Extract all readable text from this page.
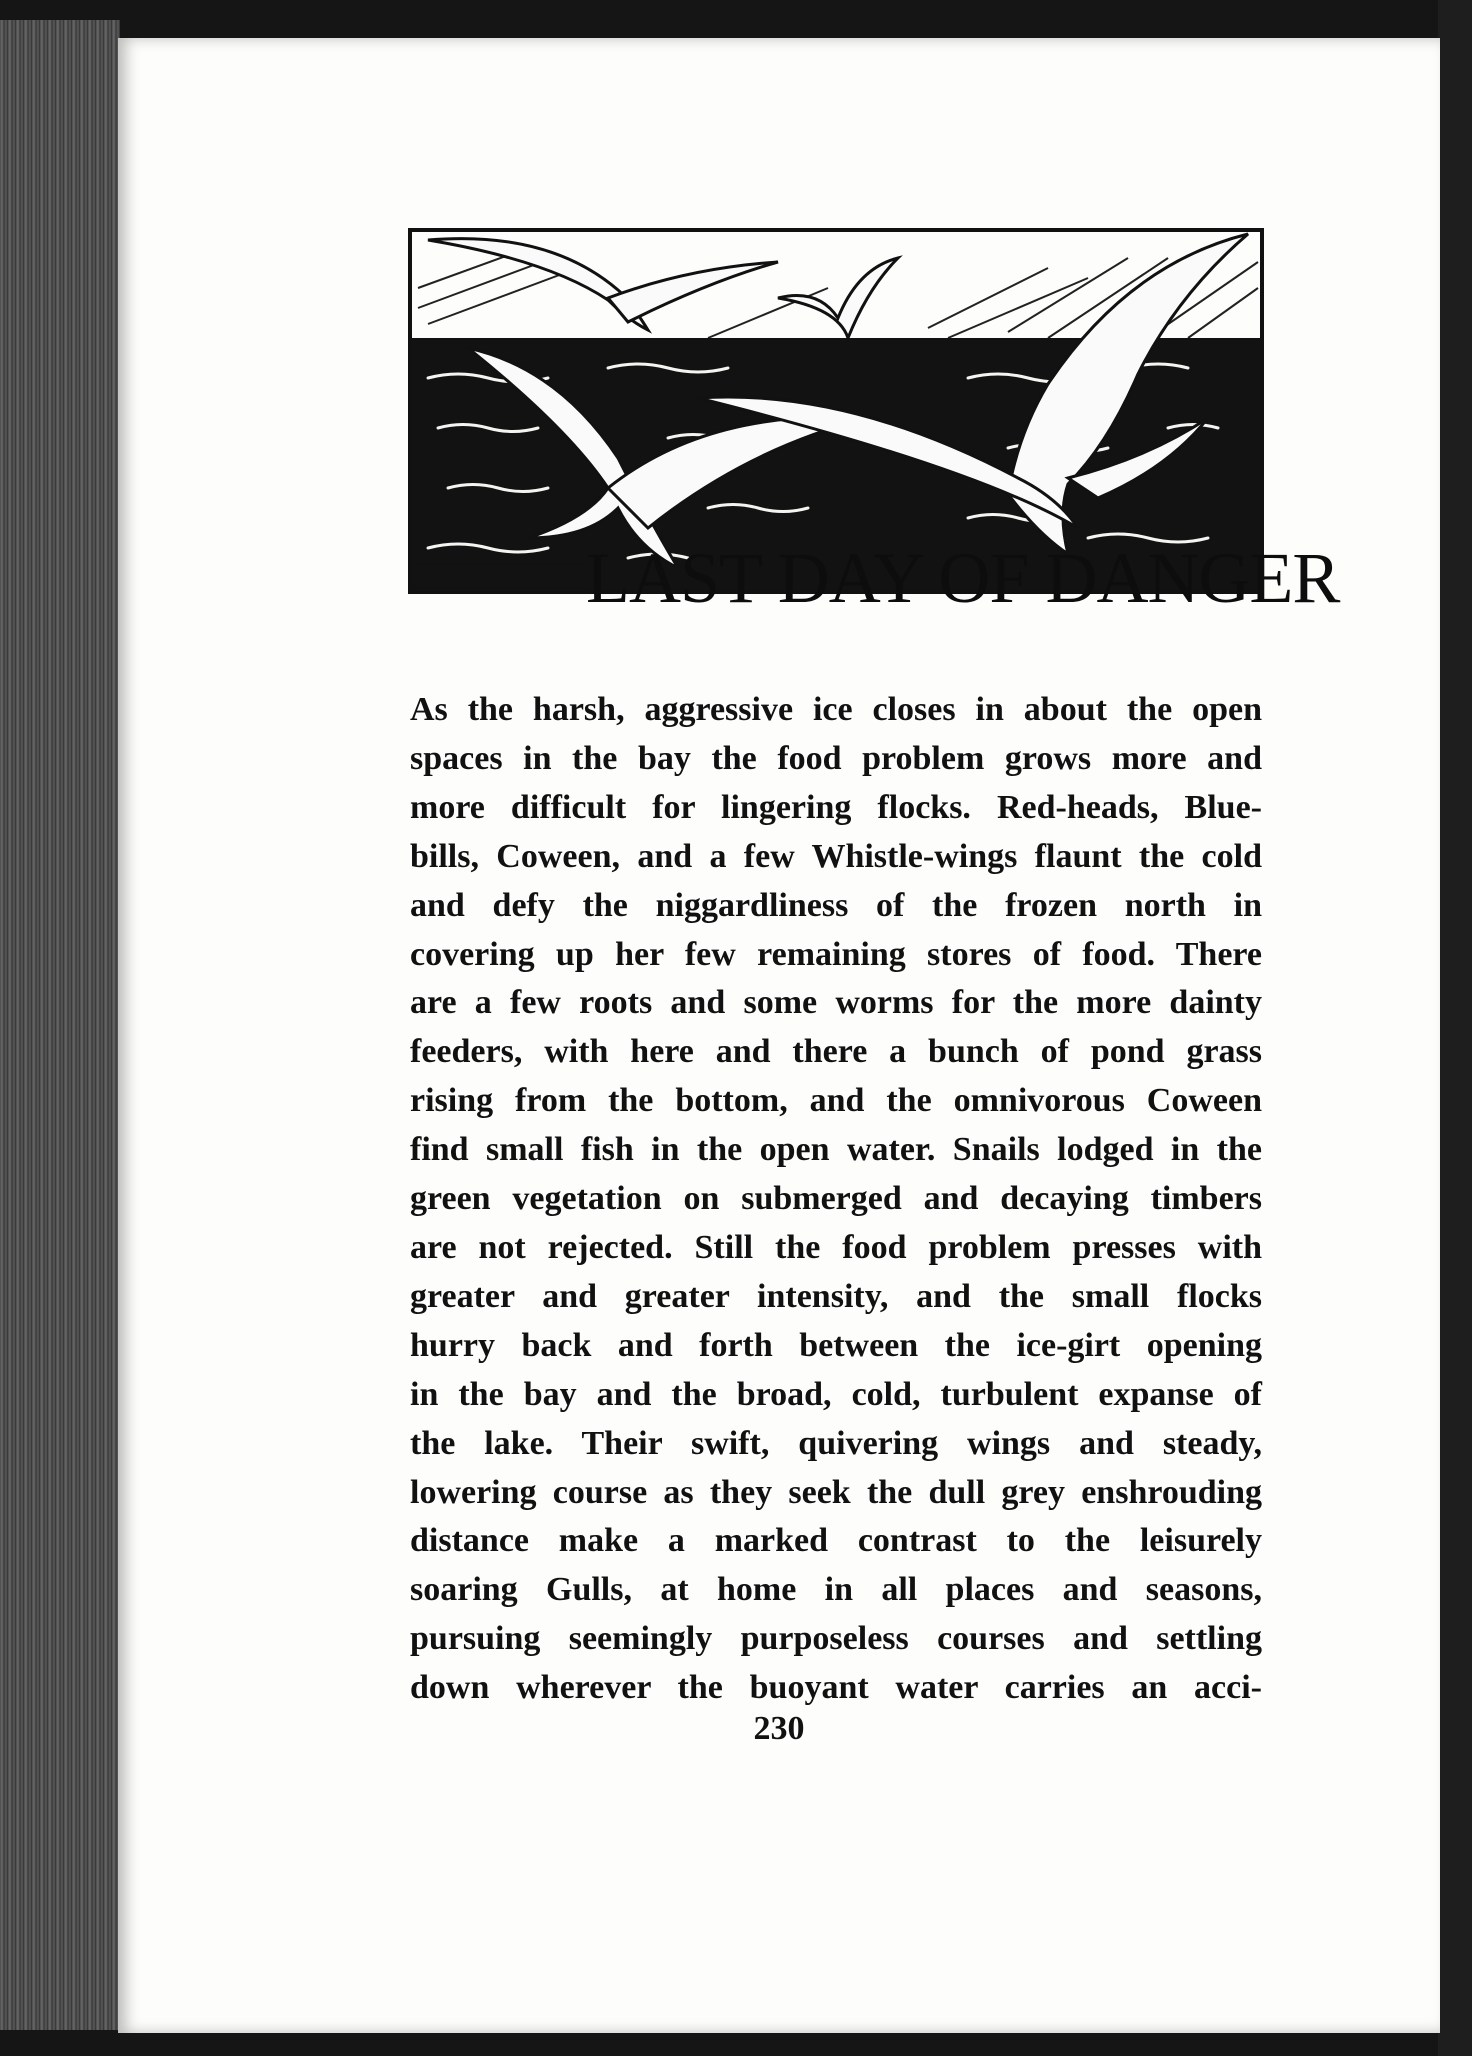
LAST DAY OF DANGER
As the harsh, aggressive ice closes in about the open
spaces in the bay the food problem grows more and
more difficult for lingering flocks. Red-heads, Blue-
bills, Coween, and a few Whistle-wings flaunt the cold
and defy the niggardliness of the frozen north in
covering up her few remaining stores of food. There
are a few roots and some worms for the more dainty
feeders, with here and there a bunch of pond grass
rising from the bottom, and the omnivorous Coween
find small fish in the open water. Snails lodged in the
green vegetation on submerged and decaying timbers
are not rejected. Still the food problem presses with
greater and greater intensity, and the small flocks
hurry back and forth between the ice-girt opening
in the bay and the broad, cold, turbulent expanse of
the lake. Their swift, quivering wings and steady,
lowering course as they seek the dull grey enshrouding
distance make a marked contrast to the leisurely
soaring Gulls, at home in all places and seasons,
pursuing seemingly purposeless courses and settling
down wherever the buoyant water carries an acci-
230
